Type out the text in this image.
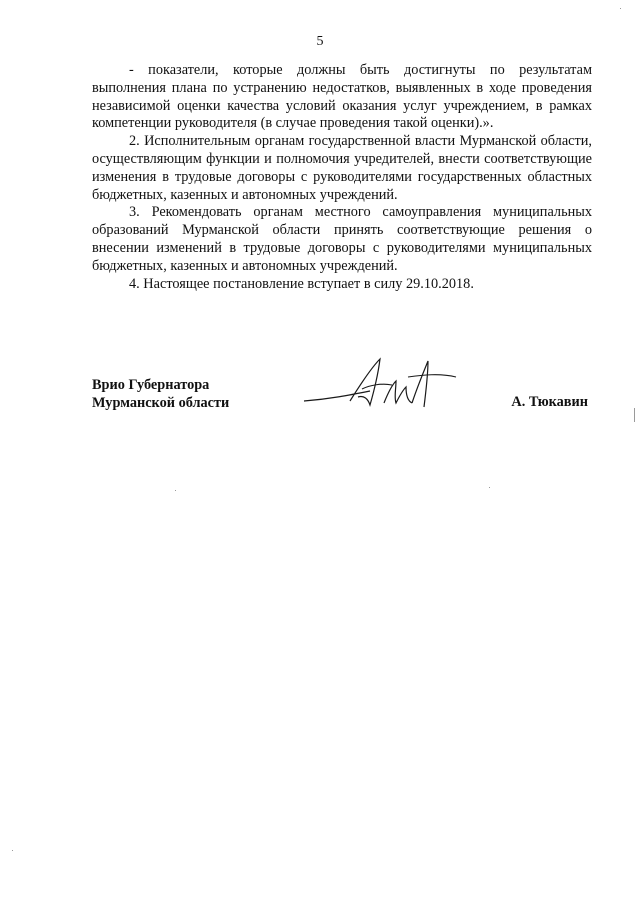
5

- показатели, которые должны быть достигнуты по результатам выполнения плана по устранению недостатков, выявленных в ходе проведения независимой оценки качества условий оказания услуг учреждением, в рамках компетенции руководителя (в случае проведения такой оценки).».

2. Исполнительным органам государственной власти Мурманской области, осуществляющим функции и полномочия учредителей, внести соответствующие изменения в трудовые договоры с руководителями государственных областных бюджетных, казенных и автономных учреждений.

3. Рекомендовать органам местного самоуправления муниципальных образований Мурманской области принять соответствующие решения о внесении изменений в трудовые договоры с руководителями муниципальных бюджетных, казенных и автономных учреждений.

4. Настоящее постановление вступает в силу 29.10.2018.

Врио Губернатора
Мурманской области	А. Тюкавин
